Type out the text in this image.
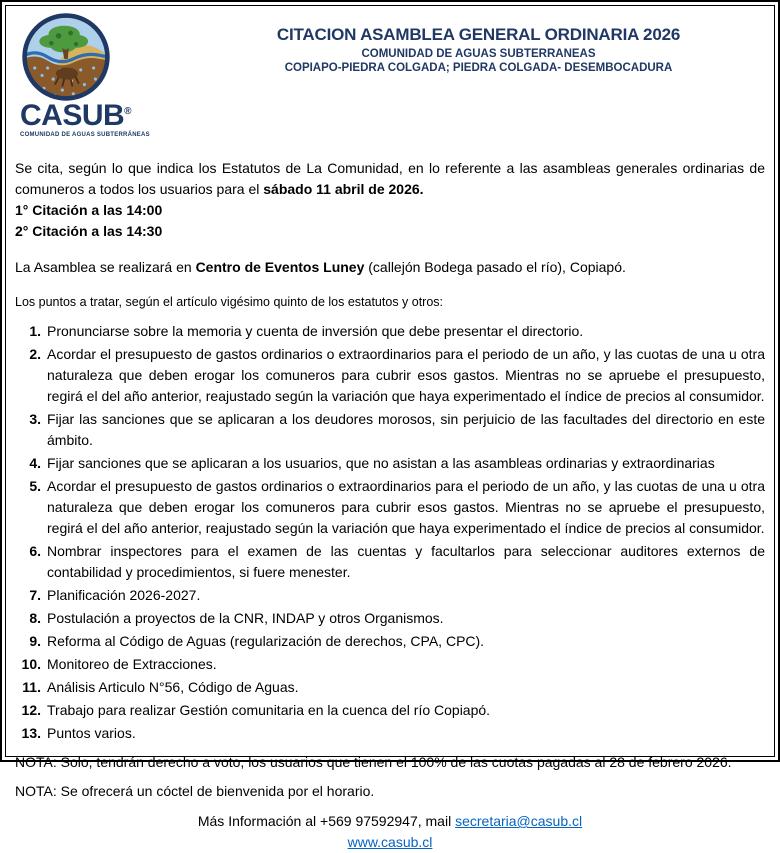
CASUB®
COMUNIDAD DE AGUAS SUBTERRÁNEAS
CITACION ASAMBLEA GENERAL ORDINARIA 2026
COMUNIDAD DE AGUAS SUBTERRANEAS
COPIAPO-PIEDRA COLGADA; PIEDRA COLGADA- DESEMBOCADURA

Se cita, según lo que indica los Estatutos de La Comunidad, en lo referente a las asambleas generales ordinarias de comuneros a todos los usuarios para el sábado 11 abril de 2026.

1° Citación a las 14:00

2° Citación a las 14:30

La Asamblea se realizará en Centro de Eventos Luney (callejón Bodega pasado el río), Copiapó.

Los puntos a tratar, según el artículo vigésimo quinto de los estatutos y otros:

1. Pronunciarse sobre la memoria y cuenta de inversión que debe presentar el directorio.
2. Acordar el presupuesto de gastos ordinarios o extraordinarios para el periodo de un año, y las cuotas de una u otra naturaleza que deben erogar los comuneros para cubrir esos gastos. Mientras no se apruebe el presupuesto, regirá el del año anterior, reajustado según la variación que haya experimentado el índice de precios al consumidor.
3. Fijar las sanciones que se aplicaran a los deudores morosos, sin perjuicio de las facultades del directorio en este ámbito.
4. Fijar sanciones que se aplicaran a los usuarios, que no asistan a las asambleas ordinarias y extraordinarias
5. Acordar el presupuesto de gastos ordinarios o extraordinarios para el periodo de un año, y las cuotas de una u otra naturaleza que deben erogar los comuneros para cubrir esos gastos. Mientras no se apruebe el presupuesto, regirá el del año anterior, reajustado según la variación que haya experimentado el índice de precios al consumidor.
6. Nombrar inspectores para el examen de las cuentas y facultarlos para seleccionar auditores externos de contabilidad y procedimientos, si fuere menester.
7. Planificación 2026-2027.
8. Postulación a proyectos de la CNR, INDAP y otros Organismos.
9. Reforma al Código de Aguas (regularización de derechos, CPA, CPC).
10. Monitoreo de Extracciones.
11. Análisis Articulo N°56, Código de Aguas.
12. Trabajo para realizar Gestión comunitaria en la cuenca del río Copiapó.
13. Puntos varios.

NOTA: Solo, tendrán derecho a voto, los usuarios que tienen el 100% de las cuotas pagadas al 28 de febrero 2026.

NOTA: Se ofrecerá un cóctel de bienvenida por el horario.

Más Información al +569 97592947, mail secretaria@casub.cl

www.casub.cl
